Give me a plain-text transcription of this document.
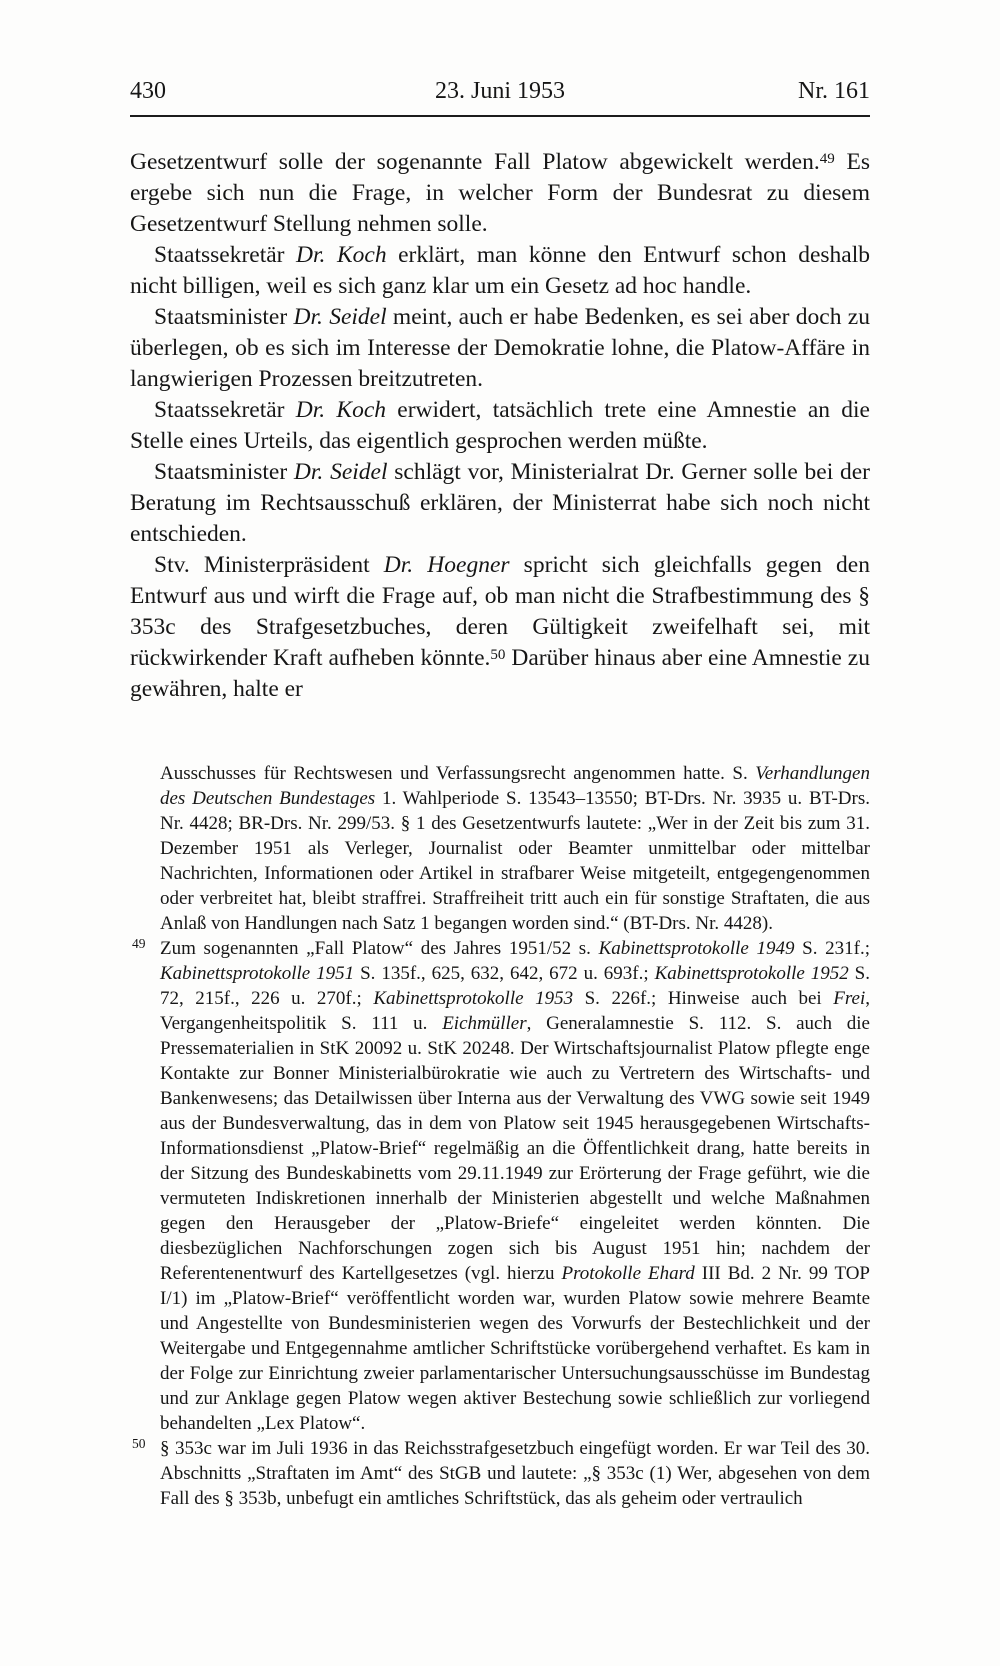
430	23. Juni 1953	Nr. 161

Gesetzentwurf solle der sogenannte Fall Platow abgewickelt werden.$^{49}$ Es ergebe sich nun die Frage, in welcher Form der Bundesrat zu diesem Gesetzentwurf Stellung nehmen solle.

Staatssekretär Dr. Koch erklärt, man könne den Entwurf schon deshalb nicht billigen, weil es sich ganz klar um ein Gesetz ad hoc handle.

Staatsminister Dr. Seidel meint, auch er habe Bedenken, es sei aber doch zu überlegen, ob es sich im Interesse der Demokratie lohne, die Platow-Affäre in langwierigen Prozessen breitzutreten.

Staatssekretär Dr. Koch erwidert, tatsächlich trete eine Amnestie an die Stelle eines Urteils, das eigentlich gesprochen werden müßte.

Staatsminister Dr. Seidel schlägt vor, Ministerialrat Dr. Gerner solle bei der Beratung im Rechtsausschuß erklären, der Ministerrat habe sich noch nicht entschieden.

Stv. Ministerpräsident Dr. Hoegner spricht sich gleichfalls gegen den Entwurf aus und wirft die Frage auf, ob man nicht die Strafbestimmung des § 353c des Strafgesetzbuches, deren Gültigkeit zweifelhaft sei, mit rückwirkender Kraft aufheben könnte.$^{50}$ Darüber hinaus aber eine Amnestie zu gewähren, halte er

Ausschusses für Rechtswesen und Verfassungsrecht angenommen hatte. S. Verhandlungen des Deutschen Bundestages 1. Wahlperiode S. 13543–13550; BT-Drs. Nr. 3935 u. BT-Drs. Nr. 4428; BR-Drs. Nr. 299/53. § 1 des Gesetzentwurfs lautete: „Wer in der Zeit bis zum 31. Dezember 1951 als Verleger, Journalist oder Beamter unmittelbar oder mittelbar Nachrichten, Informationen oder Artikel in strafbarer Weise mitgeteilt, entgegengenommen oder verbreitet hat, bleibt straffrei. Straffreiheit tritt auch ein für sonstige Straftaten, die aus Anlaß von Handlungen nach Satz 1 begangen worden sind.“ (BT-Drs. Nr. 4428).
49 Zum sogenannten „Fall Platow“ des Jahres 1951/52 s. Kabinettsprotokolle 1949 S. 231f.; Kabinettsprotokolle 1951 S. 135f., 625, 632, 642, 672 u. 693f.; Kabinettsprotokolle 1952 S. 72, 215f., 226 u. 270f.; Kabinettsprotokolle 1953 S. 226f.; Hinweise auch bei Frei, Vergangenheitspolitik S. 111 u. Eichmüller, Generalamnestie S. 112. S. auch die Pressematerialien in StK 20092 u. StK 20248. Der Wirtschaftsjournalist Platow pflegte enge Kontakte zur Bonner Ministerialbürokratie wie auch zu Vertretern des Wirtschafts- und Bankenwesens; das Detailwissen über Interna aus der Verwaltung des VWG sowie seit 1949 aus der Bundesverwaltung, das in dem von Platow seit 1945 herausgegebenen Wirtschafts-Informationsdienst „Platow-Brief“ regelmäßig an die Öffentlichkeit drang, hatte bereits in der Sitzung des Bundeskabinetts vom 29.11.1949 zur Erörterung der Frage geführt, wie die vermuteten Indiskretionen innerhalb der Ministerien abgestellt und welche Maßnahmen gegen den Herausgeber der „Platow-Briefe“ eingeleitet werden könnten. Die diesbezüglichen Nachforschungen zogen sich bis August 1951 hin; nachdem der Referentenentwurf des Kartellgesetzes (vgl. hierzu Protokolle Ehard III Bd. 2 Nr. 99 TOP I/1) im „Platow-Brief“ veröffentlicht worden war, wurden Platow sowie mehrere Beamte und Angestellte von Bundesministerien wegen des Vorwurfs der Bestechlichkeit und der Weitergabe und Entgegennahme amtlicher Schriftstücke vorübergehend verhaftet. Es kam in der Folge zur Einrichtung zweier parlamentarischer Untersuchungsausschüsse im Bundestag und zur Anklage gegen Platow wegen aktiver Bestechung sowie schließlich zur vorliegend behandelten „Lex Platow“.
50 § 353c war im Juli 1936 in das Reichsstrafgesetzbuch eingefügt worden. Er war Teil des 30. Abschnitts „Straftaten im Amt“ des StGB und lautete: „§ 353c (1) Wer, abgesehen von dem Fall des § 353b, unbefugt ein amtliches Schriftstück, das als geheim oder vertraulich
